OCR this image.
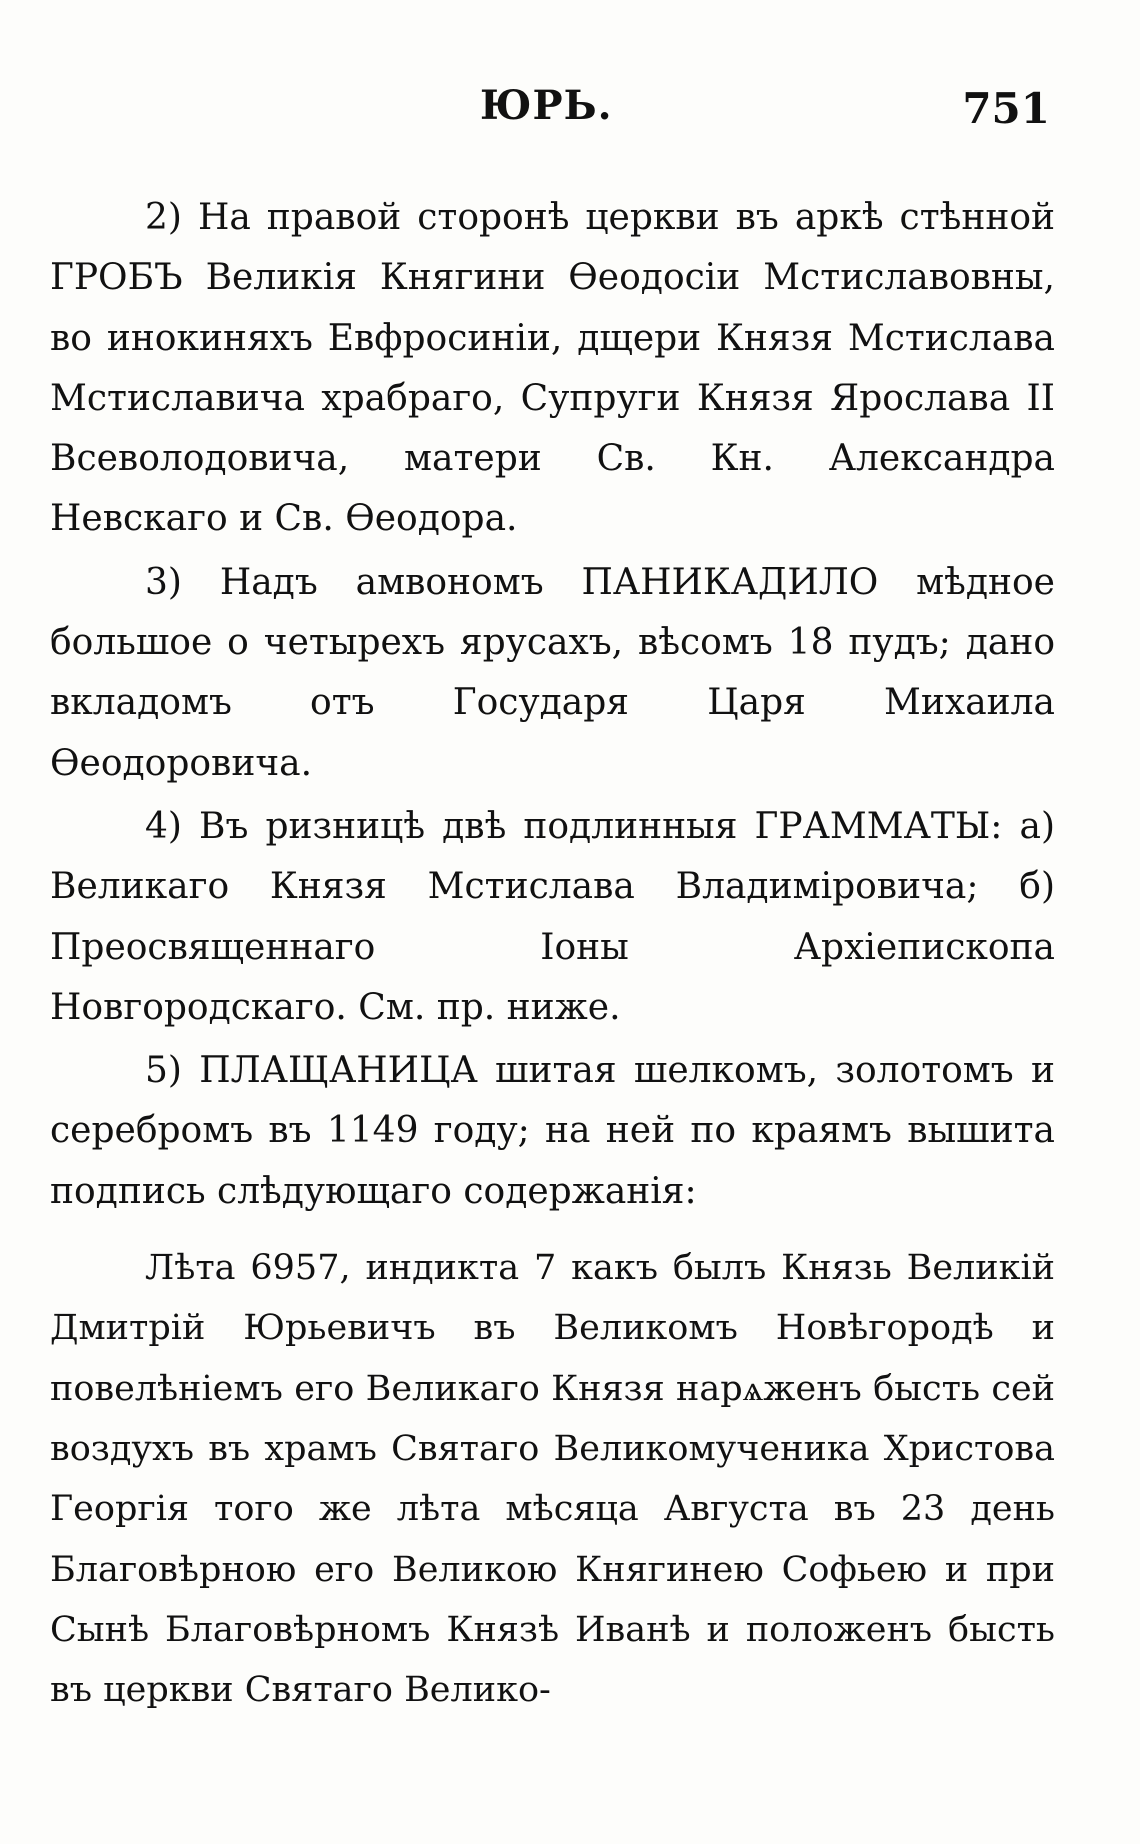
ЮРЬ.	751

2) На правой сторонѣ церкви въ аркѣ стѣнной ГРОБЪ Великія Княгини Ѳеодосіи Мстиславовны, во инокиняхъ Евфросиніи, дщери Князя Мстислава Мстиславича храбраго, Супруги Князя Ярослава II Всеволодовича, матери Св. Кн. Александра Невскаго и Св. Ѳеодора.

3) Надъ амвономъ ПАНИКАДИЛО мѣдное большое о четырехъ ярусахъ, вѣсомъ 18 пудъ; дано вкладомъ отъ Государя Царя Михаила Ѳеодоровича.

4) Въ ризницѣ двѣ подлинныя ГРАММАТЫ: а) Великаго Князя Мстислава Владиміровича; б) Преосвященнаго Іоны Архіепископа Новгородскаго. См. пр. ниже.

5) ПЛАЩАНИЦА шитая шелкомъ, золотомъ и серебромъ въ 1149 году; на ней по краямъ вышита подпись слѣдующаго содержанія:

Лѣта 6957, индикта 7 какъ былъ Князь Великій Дмитрій Юрьевичъ въ Великомъ Новѣгородѣ и повелѣніемъ его Великаго Князя нарѧженъ бысть сей воздухъ въ храмъ Святаго Великомученика Христова Георгія того же лѣта мѣсяца Августа въ 23 день Благовѣрною его Великою Княгинею Софьею и при Сынѣ Благовѣрномъ Князѣ Иванѣ и положенъ бысть въ церкви Святаго Велико-
